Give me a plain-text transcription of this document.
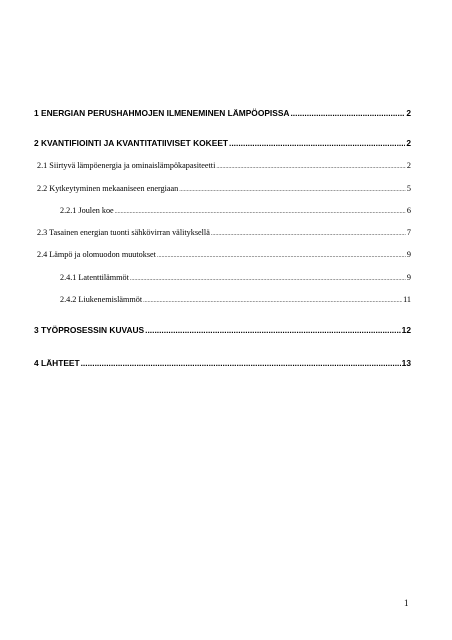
1 ENERGIAN PERUSHAHMOJEN ILMENEMINEN LÄMPÖOPISSA .....	2
2 KVANTIFIOINTI JA KVANTITATIIVISET KOKEET .....	2
2.1 Siirtyvä lämpöenergia ja ominaislämpökapasiteetti .....	2
2.2 Kytkeytyminen mekaaniseen energiaan .....	5
2.2.1 Joulen koe .....	6
2.3 Tasainen energian tuonti sähkövirran välityksellä .....	7
2.4 Lämpö ja olomuodon muutokset .....	9
2.4.1 Latenttilämmöt .....	9
2.4.2 Liukenemislämmöt .....	11
3 TYÖPROSESSIN KUVAUS .....	12
4 LÄHTEET .....	13
1
